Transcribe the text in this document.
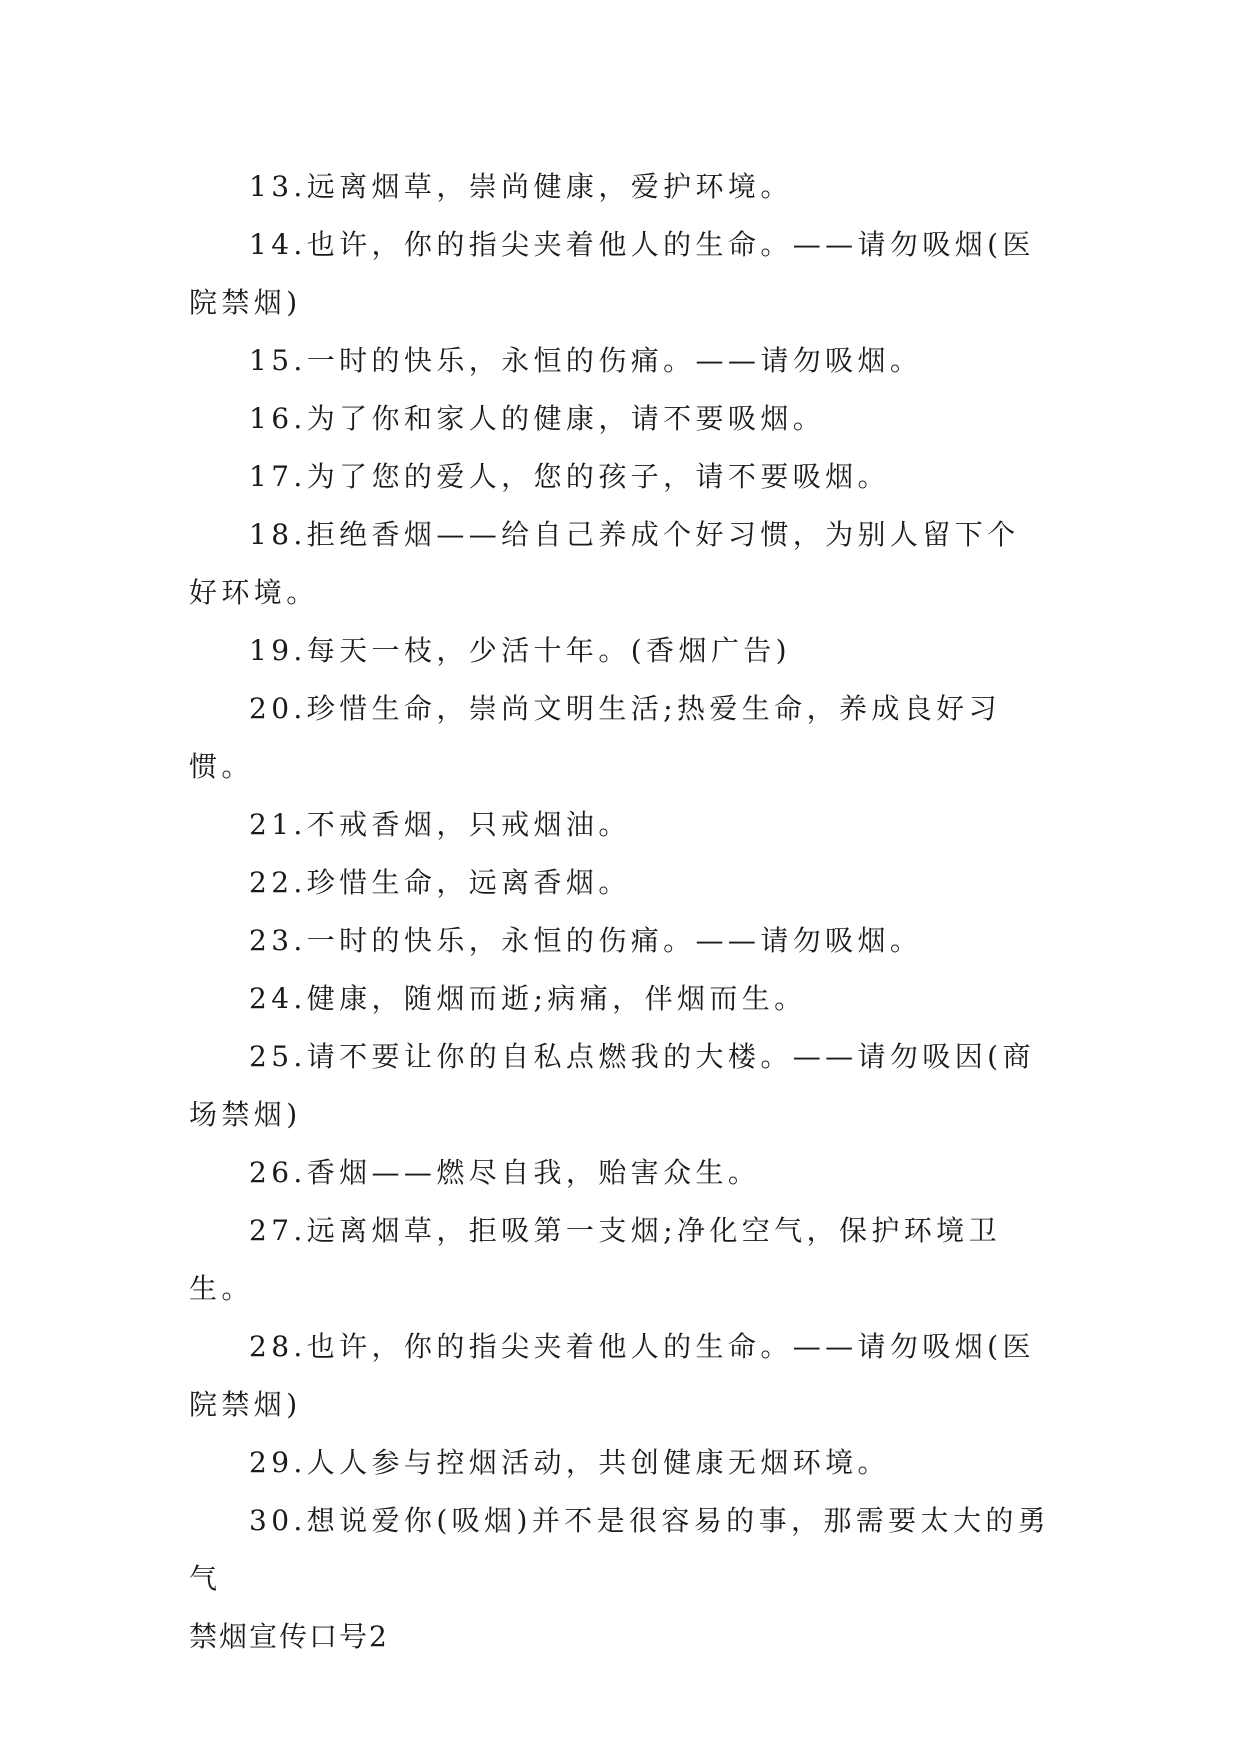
13.远离烟草，崇尚健康，爱护环境。

14.也许，你的指尖夹着他人的生命。——请勿吸烟(医院禁烟)

15.一时的快乐，永恒的伤痛。——请勿吸烟。

16.为了你和家人的健康，请不要吸烟。

17.为了您的爱人，您的孩子，请不要吸烟。

18.拒绝香烟——给自己养成个好习惯，为别人留下个好环境。

19.每天一枝，少活十年。(香烟广告)

20.珍惜生命，崇尚文明生活;热爱生命，养成良好习惯。

21.不戒香烟，只戒烟油。

22.珍惜生命，远离香烟。

23.一时的快乐，永恒的伤痛。——请勿吸烟。

24.健康，随烟而逝;病痛，伴烟而生。

25.请不要让你的自私点燃我的大楼。——请勿吸因(商场禁烟)

26.香烟——燃尽自我，贻害众生。

27.远离烟草，拒吸第一支烟;净化空气，保护环境卫生。

28.也许，你的指尖夹着他人的生命。——请勿吸烟(医院禁烟)

29.人人参与控烟活动，共创健康无烟环境。

30.想说爱你(吸烟)并不是很容易的事，那需要太大的勇气

禁烟宣传口号2
